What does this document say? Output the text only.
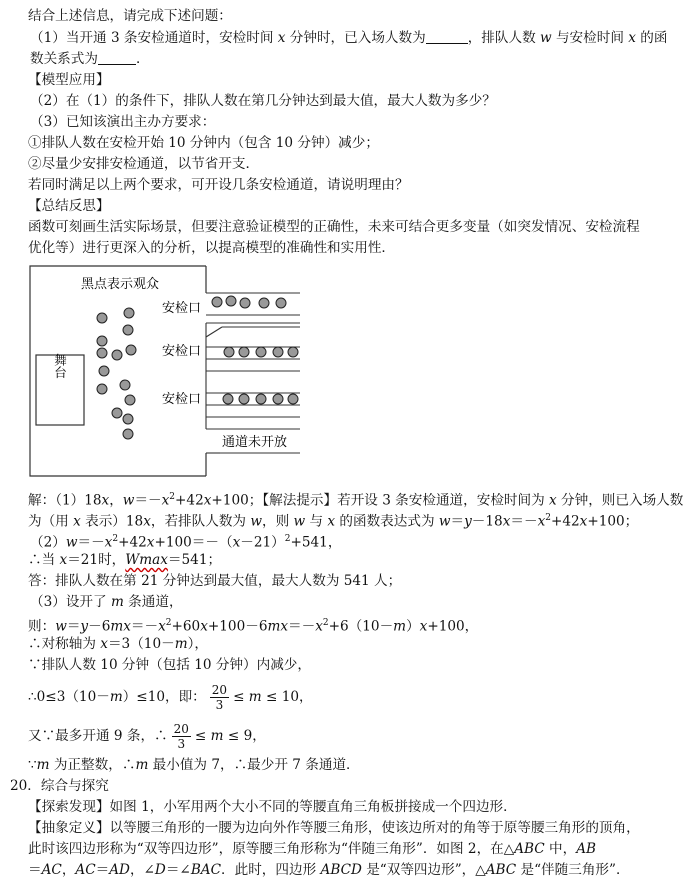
结合上述信息，请完成下述问题：
（1）当开通 3 条安检通道时，安检时间 x 分钟时，已入场人数为	，排队人数 w 与安检时间 x 的函
数关系式为	．
【模型应用】
（2）在（1）的条件下，排队人数在第几分钟达到最大值，最大人数为多少？
（3）已知该演出主办方要求：
①排队人数在安检开始 10 分钟内（包含 10 分钟）减少；
②尽量少安排安检通道，以节省开支．
若同时满足以上两个要求，可开设几条安检通道，请说明理由？
【总结反思】
函数可刻画生活实际场景，但要注意验证模型的正确性，未来可结合更多变量（如突发情况、安检流程
优化等）进行更深入的分析，以提高模型的准确性和实用性．
舞台
黑点表示观众
安检口
安检口
安检口
通道未开放
解：（1）18x，$w=-x^2+42x+100$；【解法提示】若开设 3 条安检通道，安检时间为 x 分钟，则已入场人数
为（用 x 表示）18x，若排队人数为 w，则 w 与 x 的函数表达式为 $w=y-18x=-x^2+42x+100$；
$(2)w=-x^2+42x+100=-(x-21)^2+541$，
∴当 x＝21时，Wmax＝541；
答：排队人数在第 21 分钟达到最大值，最大人数为 541 人；
（3）设开了 m 条通道，
则：$w=y-6mx=-x^2+60x+100-6mx=-x^2+6(10-m)x+100$，
∴对称轴为 x＝3（10－m），
∵排队人数 10 分钟（包括 10 分钟）内减少，
∴0≤3（10－m）≤10，即： $\frac{20}{3} \le m \le 10$，
又∵最多开通 9 条，∴ $\frac{20}{3} \le m \le 9$，
∵m 为正整数，∴m 最小值为 7，∴最少开 7 条通道．
20．综合与探究
【探索发现】如图 1，小军用两个大小不同的等腰直角三角板拼接成一个四边形．
【抽象定义】以等腰三角形的一腰为边向外作等腰三角形，使该边所对的角等于原等腰三角形的顶角，
此时该四边形称为“双等四边形”，原等腰三角形称为“伴随三角形”．如图 2，在△ABC 中，AB
＝AC，AC＝AD，∠D＝∠BAC．此时，四边形 ABCD 是“双等四边形”，△ABC 是“伴随三角形”．
